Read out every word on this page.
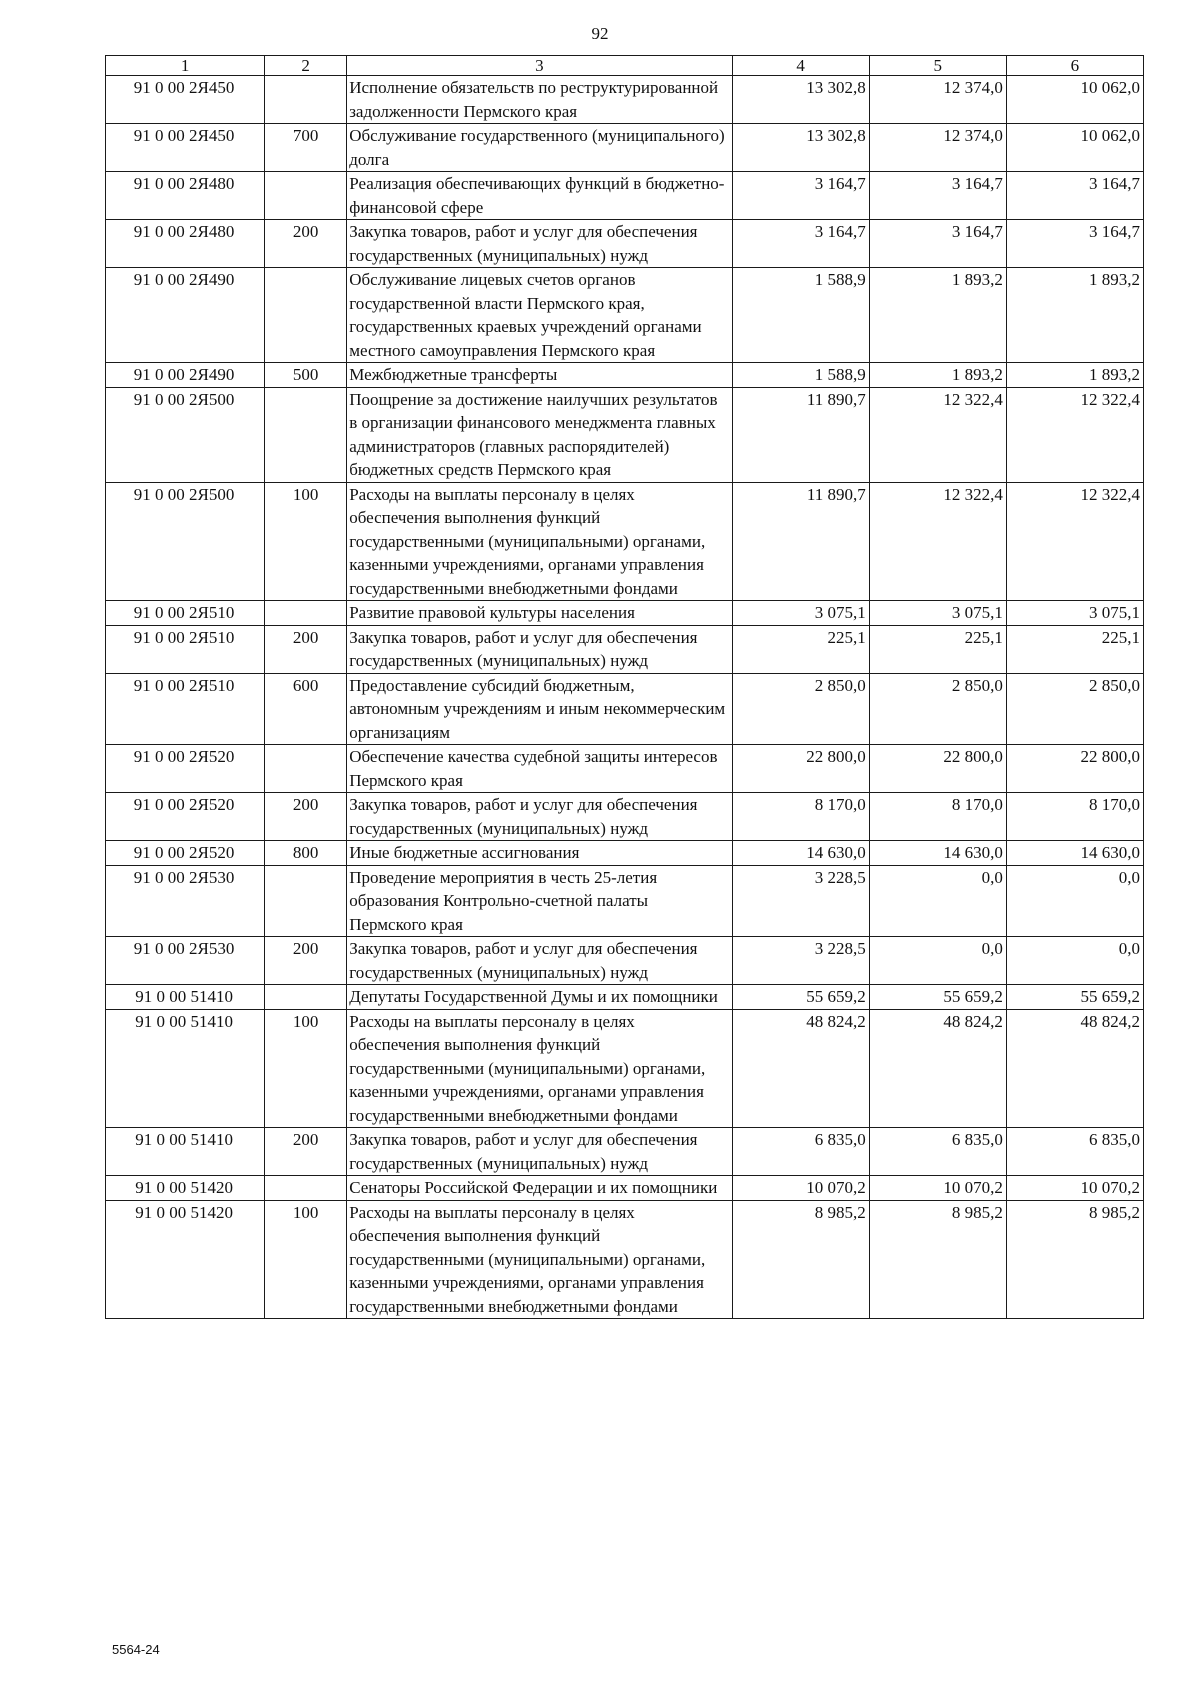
92
1	2	3	4	5	6
91 0 00 2Я450		Исполнение обязательств по реструктурированной задолженности Пермского края	13 302,8	12 374,0	10 062,0
91 0 00 2Я450	700	Обслуживание государственного (муниципального) долга	13 302,8	12 374,0	10 062,0
91 0 00 2Я480		Реализация обеспечивающих функций в бюджетно-финансовой сфере	3 164,7	3 164,7	3 164,7
91 0 00 2Я480	200	Закупка товаров, работ и услуг для обеспечения государственных (муниципальных) нужд	3 164,7	3 164,7	3 164,7
91 0 00 2Я490		Обслуживание лицевых счетов органов государственной власти Пермского края, государственных краевых учреждений органами местного самоуправления Пермского края	1 588,9	1 893,2	1 893,2
91 0 00 2Я490	500	Межбюджетные трансферты	1 588,9	1 893,2	1 893,2
91 0 00 2Я500		Поощрение за достижение наилучших результатов в организации финансового менеджмента главных администраторов (главных распорядителей) бюджетных средств Пермского края	11 890,7	12 322,4	12 322,4
91 0 00 2Я500	100	Расходы на выплаты персоналу в целях обеспечения выполнения функций государственными (муниципальными) органами, казенными учреждениями, органами управления государственными внебюджетными фондами	11 890,7	12 322,4	12 322,4
91 0 00 2Я510		Развитие правовой культуры населения	3 075,1	3 075,1	3 075,1
91 0 00 2Я510	200	Закупка товаров, работ и услуг для обеспечения государственных (муниципальных) нужд	225,1	225,1	225,1
91 0 00 2Я510	600	Предоставление субсидий бюджетным, автономным учреждениям и иным некоммерческим организациям	2 850,0	2 850,0	2 850,0
91 0 00 2Я520		Обеспечение качества судебной защиты интересов Пермского края	22 800,0	22 800,0	22 800,0
91 0 00 2Я520	200	Закупка товаров, работ и услуг для обеспечения государственных (муниципальных) нужд	8 170,0	8 170,0	8 170,0
91 0 00 2Я520	800	Иные бюджетные ассигнования	14 630,0	14 630,0	14 630,0
91 0 00 2Я530		Проведение мероприятия в честь 25-летия образования Контрольно-счетной палаты Пермского края	3 228,5	0,0	0,0
91 0 00 2Я530	200	Закупка товаров, работ и услуг для обеспечения государственных (муниципальных) нужд	3 228,5	0,0	0,0
91 0 00 51410		Депутаты Государственной Думы и их помощники	55 659,2	55 659,2	55 659,2
91 0 00 51410	100	Расходы на выплаты персоналу в целях обеспечения выполнения функций государственными (муниципальными) органами, казенными учреждениями, органами управления государственными внебюджетными фондами	48 824,2	48 824,2	48 824,2
91 0 00 51410	200	Закупка товаров, работ и услуг для обеспечения государственных (муниципальных) нужд	6 835,0	6 835,0	6 835,0
91 0 00 51420		Сенаторы Российской Федерации и их помощники	10 070,2	10 070,2	10 070,2
91 0 00 51420	100	Расходы на выплаты персоналу в целях обеспечения выполнения функций государственными (муниципальными) органами, казенными учреждениями, органами управления государственными внебюджетными фондами	8 985,2	8 985,2	8 985,2
5564-24
